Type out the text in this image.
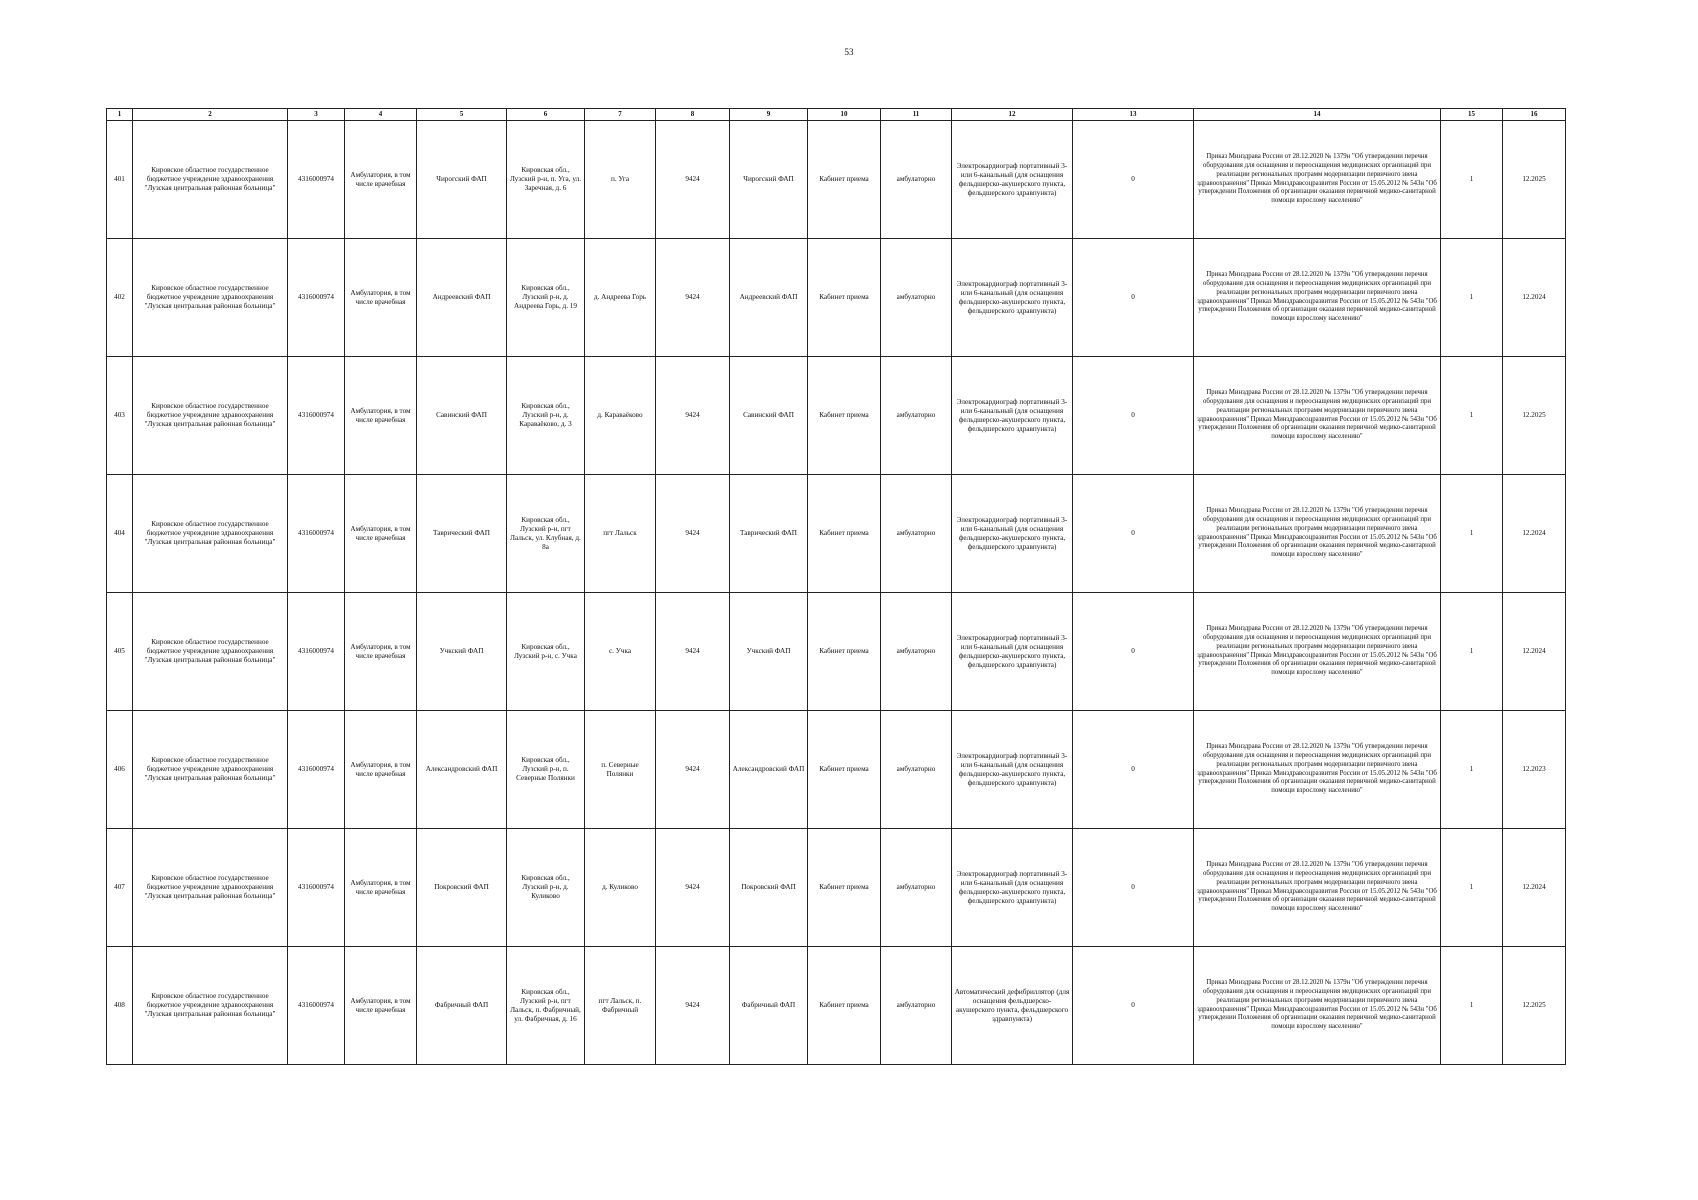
53
1	2	3	4	5	6	7	8	9	10	11	12	13	14	15	16
401	Кировское областное государственное бюджетное учреждение здравоохранения "Лузская центральная районная больница"	4316000974	Амбулатория, в том числе врачебная	Чирогский ФАП	Кировская обл., Лузский р-н, п. Уга, ул. Заречная, д. 6	п. Уга	9424	Чирогский ФАП	Кабинет приема	амбулаторно	Электрокардиограф портативный 3- или 6-канальный (для оснащения фельдшерско-акушерского пункта, фельдшерского здравпункта)	0	Приказ Минздрава России от 28.12.2020 № 1379н "Об утверждении перечня оборудования для оснащения и переоснащения медицинских организаций при реализации региональных программ модернизации первичного звена здравоохранения" Приказ Минздравсоцразвития России от 15.05.2012 № 543н "Об утверждении Положения об организации оказания первичной медико-санитарной помощи взрослому населению"	1	12.2025
402	Кировское областное государственное бюджетное учреждение здравоохранения "Лузская центральная районная больница"	4316000974	Амбулатория, в том числе врачебная	Андреевский ФАП	Кировская обл., Лузский р-н, д. Андреева Горь, д. 19	д. Андреева Горь	9424	Андреевский ФАП	Кабинет приема	амбулаторно	Электрокардиограф портативный 3- или 6-канальный (для оснащения фельдшерско-акушерского пункта, фельдшерского здравпункта)	0	Приказ Минздрава России от 28.12.2020 № 1379н "Об утверждении перечня оборудования для оснащения и переоснащения медицинских организаций при реализации региональных программ модернизации первичного звена здравоохранения" Приказ Минздравсоцразвития России от 15.05.2012 № 543н "Об утверждении Положения об организации оказания первичной медико-санитарной помощи взрослому населению"	1	12.2024
403	Кировское областное государственное бюджетное учреждение здравоохранения "Лузская центральная районная больница"	4316000974	Амбулатория, в том числе врачебная	Савинский ФАП	Кировская обл., Лузский р-н, д. Караваёково, д. 3	д. Караваёково	9424	Савинский ФАП	Кабинет приема	амбулаторно	Электрокардиограф портативный 3- или 6-канальный (для оснащения фельдшерско-акушерского пункта, фельдшерского здравпункта)	0	Приказ Минздрава России от 28.12.2020 № 1379н "Об утверждении перечня оборудования для оснащения и переоснащения медицинских организаций при реализации региональных программ модернизации первичного звена здравоохранения" Приказ Минздравсоцразвития России от 15.05.2012 № 543н "Об утверждении Положения об организации оказания первичной медико-санитарной помощи взрослому населению"	1	12.2025
404	Кировское областное государственное бюджетное учреждение здравоохранения "Лузская центральная районная больница"	4316000974	Амбулатория, в том числе врачебная	Таврический ФАП	Кировская обл., Лузский р-н, пгт Лальск, ул. Клубная, д. 8а	пгт Лальск	9424	Таврический ФАП	Кабинет приема	амбулаторно	Электрокардиограф портативный 3- или 6-канальный (для оснащения фельдшерско-акушерского пункта, фельдшерского здравпункта)	0	Приказ Минздрава России от 28.12.2020 № 1379н "Об утверждении перечня оборудования для оснащения и переоснащения медицинских организаций при реализации региональных программ модернизации первичного звена здравоохранения" Приказ Минздравсоцразвития России от 15.05.2012 № 543н "Об утверждении Положения об организации оказания первичной медико-санитарной помощи взрослому населению"	1	12.2024
405	Кировское областное государственное бюджетное учреждение здравоохранения "Лузская центральная районная больница"	4316000974	Амбулатория, в том числе врачебная	Учкский ФАП	Кировская обл., Лузский р-н, с. Учка	с. Учка	9424	Учкский ФАП	Кабинет приема	амбулаторно	Электрокардиограф портативный 3- или 6-канальный (для оснащения фельдшерско-акушерского пункта, фельдшерского здравпункта)	0	Приказ Минздрава России от 28.12.2020 № 1379н "Об утверждении перечня оборудования для оснащения и переоснащения медицинских организаций при реализации региональных программ модернизации первичного звена здравоохранения" Приказ Минздравсоцразвития России от 15.05.2012 № 543н "Об утверждении Положения об организации оказания первичной медико-санитарной помощи взрослому населению"	1	12.2024
406	Кировское областное государственное бюджетное учреждение здравоохранения "Лузская центральная районная больница"	4316000974	Амбулатория, в том числе врачебная	Александровский ФАП	Кировская обл., Лузский р-н, п. Северные Полянки	п. Северные Полянки	9424	Александровский ФАП	Кабинет приема	амбулаторно	Электрокардиограф портативный 3- или 6-канальный (для оснащения фельдшерско-акушерского пункта, фельдшерского здравпункта)	0	Приказ Минздрава России от 28.12.2020 № 1379н "Об утверждении перечня оборудования для оснащения и переоснащения медицинских организаций при реализации региональных программ модернизации первичного звена здравоохранения" Приказ Минздравсоцразвития России от 15.05.2012 № 543н "Об утверждении Положения об организации оказания первичной медико-санитарной помощи взрослому населению"	1	12.2023
407	Кировское областное государственное бюджетное учреждение здравоохранения "Лузская центральная районная больница"	4316000974	Амбулатория, в том числе врачебная	Покровский ФАП	Кировская обл., Лузский р-н, д. Куликово	д. Куликово	9424	Покровский ФАП	Кабинет приема	амбулаторно	Электрокардиограф портативный 3- или 6-канальный (для оснащения фельдшерско-акушерского пункта, фельдшерского здравпункта)	0	Приказ Минздрава России от 28.12.2020 № 1379н "Об утверждении перечня оборудования для оснащения и переоснащения медицинских организаций при реализации региональных программ модернизации первичного звена здравоохранения" Приказ Минздравсоцразвития России от 15.05.2012 № 543н "Об утверждении Положения об организации оказания первичной медико-санитарной помощи взрослому населению"	1	12.2024
408	Кировское областное государственное бюджетное учреждение здравоохранения "Лузская центральная районная больница"	4316000974	Амбулатория, в том числе врачебная	Фабричный ФАП	Кировская обл., Лузский р-н, пгт Лальск, п. Фабричный, ул. Фабричная, д. 16	пгт Лальск, п. Фабричный	9424	Фабричный ФАП	Кабинет приема	амбулаторно	Автоматический дефибриллятор (для оснащения фельдшерско-акушерского пункта, фельдшерского здравпункта)	0	Приказ Минздрава России от 28.12.2020 № 1379н "Об утверждении перечня оборудования для оснащения и переоснащения медицинских организаций при реализации региональных программ модернизации первичного звена здравоохранения" Приказ Минздравсоцразвития России от 15.05.2012 № 543н "Об утверждении Положения об организации оказания первичной медико-санитарной помощи взрослому населению"	1	12.2025
